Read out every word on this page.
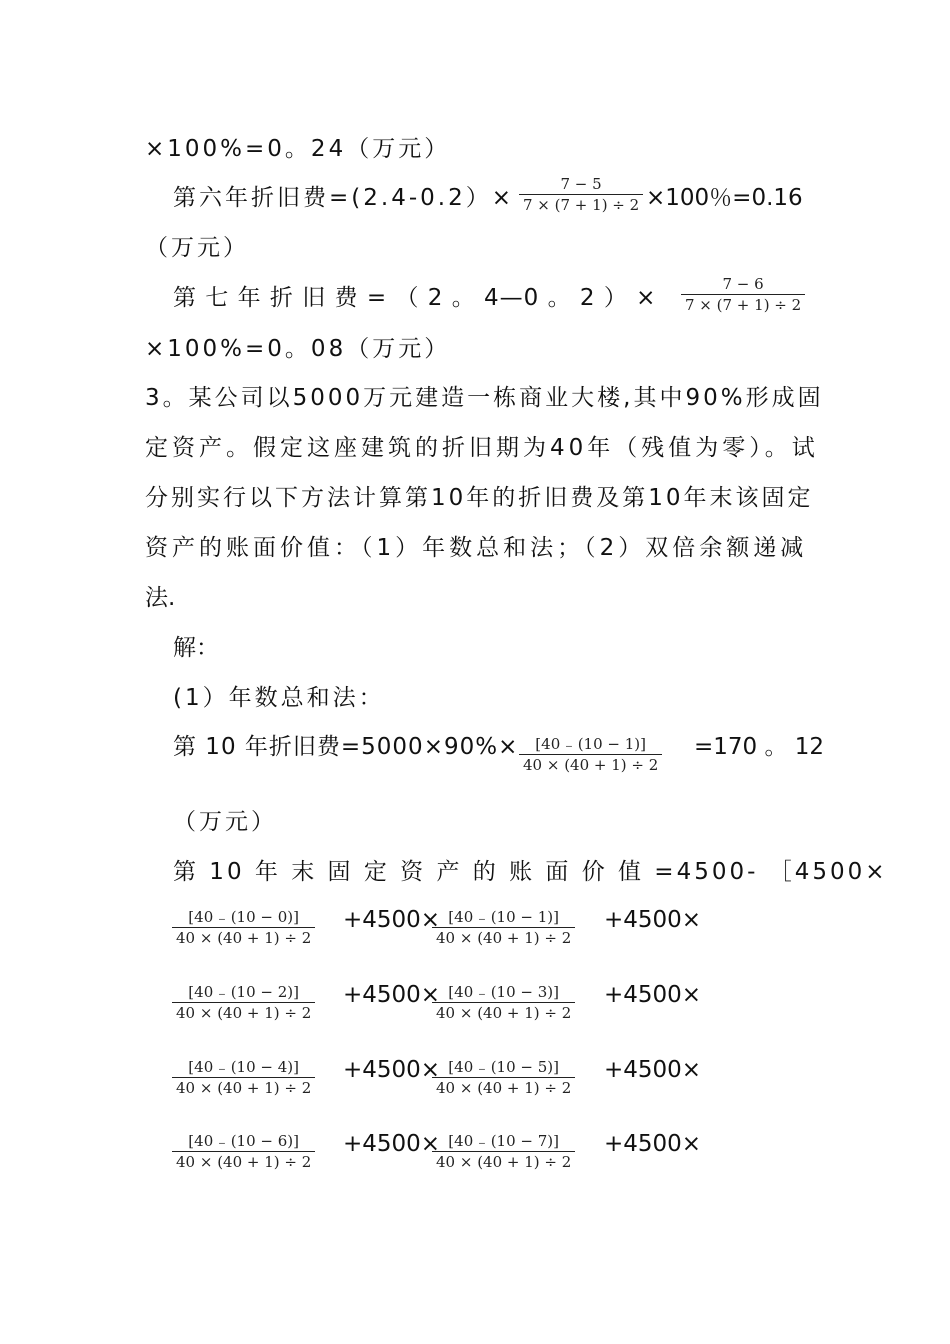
×100%=0。24（万元）
第六年折旧费=(2.4-0.2）×
7 − 5
7 × (7 + 1) ÷ 2 ×100％=0.16
（万元）
第 七 年 折 旧 费 = （ 2 。 4—0 。 2 ） ×
7 − 6
7 × (7 + 1) ÷ 2
×100%=0。08（万元）
3。某公司以5000万元建造一栋商业大楼,其中90%形成固
定资产。假定这座建筑的折旧期为40年（残值为零）。试
分别实行以下方法计算第10年的折旧费及第10年末该固定
资产的账面价值：（1）年数总和法；（2）双倍余额递减
法.
解：
(1）年数总和法：
第 10 年折旧费=5000×90%× [40 ₋ (10 − 1)]
40 × (40 + 1) ÷ 2
=170 。 12
（万元）
第 10 年 末 固 定 资 产 的 账 面 价 值 =4500- ［4500×
[40 ₋ (10 − 0)]
40 × (40 + 1) ÷ 2
+4500× [40 ₋ (10 − 1)]
40 × (40 + 1) ÷ 2
+4500×
[40 ₋ (10 − 2)]
40 × (40 + 1) ÷ 2
+4500× [40 ₋ (10 − 3)]
40 × (40 + 1) ÷ 2
+4500×
[40 ₋ (10 − 4)]
40 × (40 + 1) ÷ 2
+4500× [40 ₋ (10 − 5)]
40 × (40 + 1) ÷ 2
+4500×
[40 ₋ (10 − 6)]
40 × (40 + 1) ÷ 2
+4500× [40 ₋ (10 − 7)]
40 × (40 + 1) ÷ 2
+4500×
